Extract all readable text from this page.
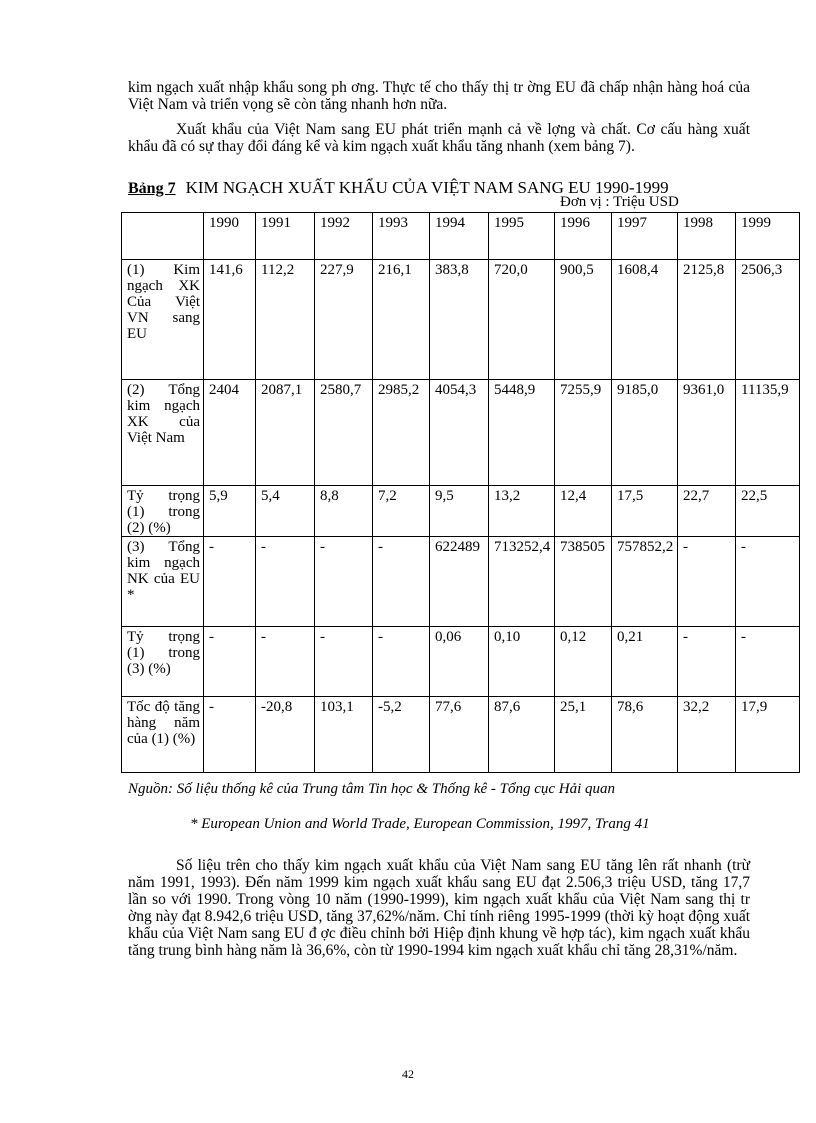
kim ngạch xuất nhập khẩu song ph ơng. Thực tế cho thấy thị tr ờng EU đã chấp nhận hàng hoá của Việt Nam và triển vọng sẽ còn tăng nhanh hơn nữa.

Xuất khẩu của Việt Nam sang EU phát triển mạnh cả về lợng và chất. Cơ cấu hàng xuất khẩu đã có sự thay đổi đáng kể và kim ngạch xuất khẩu tăng nhanh (xem bảng 7).

Bảng 7 KIM NGẠCH XUẤT KHẨU CỦA VIỆT NAM SANG EU 1990-1999
Đơn vị : Triệu USD
	1990	1991	1992	1993	1994	1995	1996	1997	1998	1999
(1) Kim ngạch XK Của Việt VN sang EU	141,6	112,2	227,9	216,1	383,8	720,0	900,5	1608,4	2125,8	2506,3
(2) Tổng kim ngạch XK của Việt Nam	2404	2087,1	2580,7	2985,2	4054,3	5448,9	7255,9	9185,0	9361,0	11135,9
Tỷ trọng (1) trong (2) (%)	5,9	5,4	8,8	7,2	9,5	13,2	12,4	17,5	22,7	22,5
(3) Tổng kim ngạch NK của EU *	-	-	-	-	622489	713252,4	738505	757852,2	-	-
Tỷ trọng (1) trong (3) (%)	-	-	-	-	0,06	0,10	0,12	0,21	-	-
Tốc độ tăng hàng năm của (1) (%)	-	-20,8	103,1	-5,2	77,6	87,6	25,1	78,6	32,2	17,9
Nguồn: Số liệu thống kê của Trung tâm Tin học & Thống kê - Tổng cục Hải quan
* European Union and World Trade, European Commission, 1997, Trang 41

Số liệu trên cho thấy kim ngạch xuất khẩu của Việt Nam sang EU tăng lên rất nhanh (trừ năm 1991, 1993). Đến năm 1999 kim ngạch xuất khẩu sang EU đạt 2.506,3 triệu USD, tăng 17,7 lần so với 1990. Trong vòng 10 năm (1990-1999), kim ngạch xuất khẩu của Việt Nam sang thị tr ờng này đạt 8.942,6 triệu USD, tăng 37,62%/năm. Chỉ tính riêng 1995-1999 (thời kỳ hoạt động xuất khẩu của Việt Nam sang EU đ ợc điều chỉnh bởi Hiệp định khung về hợp tác), kim ngạch xuất khẩu tăng trung bình hàng năm là 36,6%, còn từ 1990-1994 kim ngạch xuất khẩu chỉ tăng 28,31%/năm.

42
